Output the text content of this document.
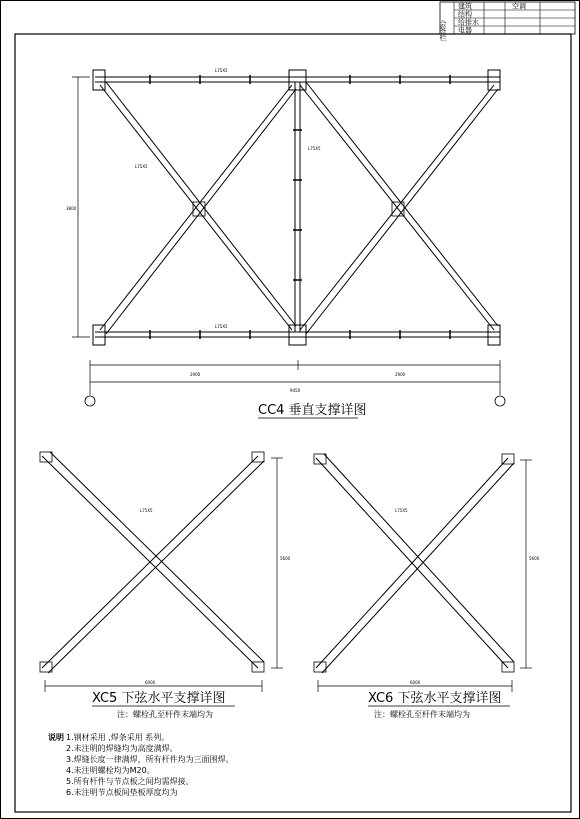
会签栏
建筑	空调
结构
给排水
电器
2900	2900
9450
3800
L75X5
L75X5
L75X5
L75X5
CC4 垂直支撑详图
L75X5
6000
5600
XC5 下弦水平支撑详图
注：螺栓孔至杆件末端均为
L75X5
6000
5600
XC6 下弦水平支撑详图
注：螺栓孔至杆件末端均为
说明 1.钢材采用 ,焊条采用 系列。
2.未注明的焊缝均为高度满焊。
3.焊缝长度一律满焊，所有杆件均为三面围焊。
4.未注明螺栓均为M20。
5.所有杆件与节点板之间均需焊接。
6.未注明节点板间垫板厚度均为
